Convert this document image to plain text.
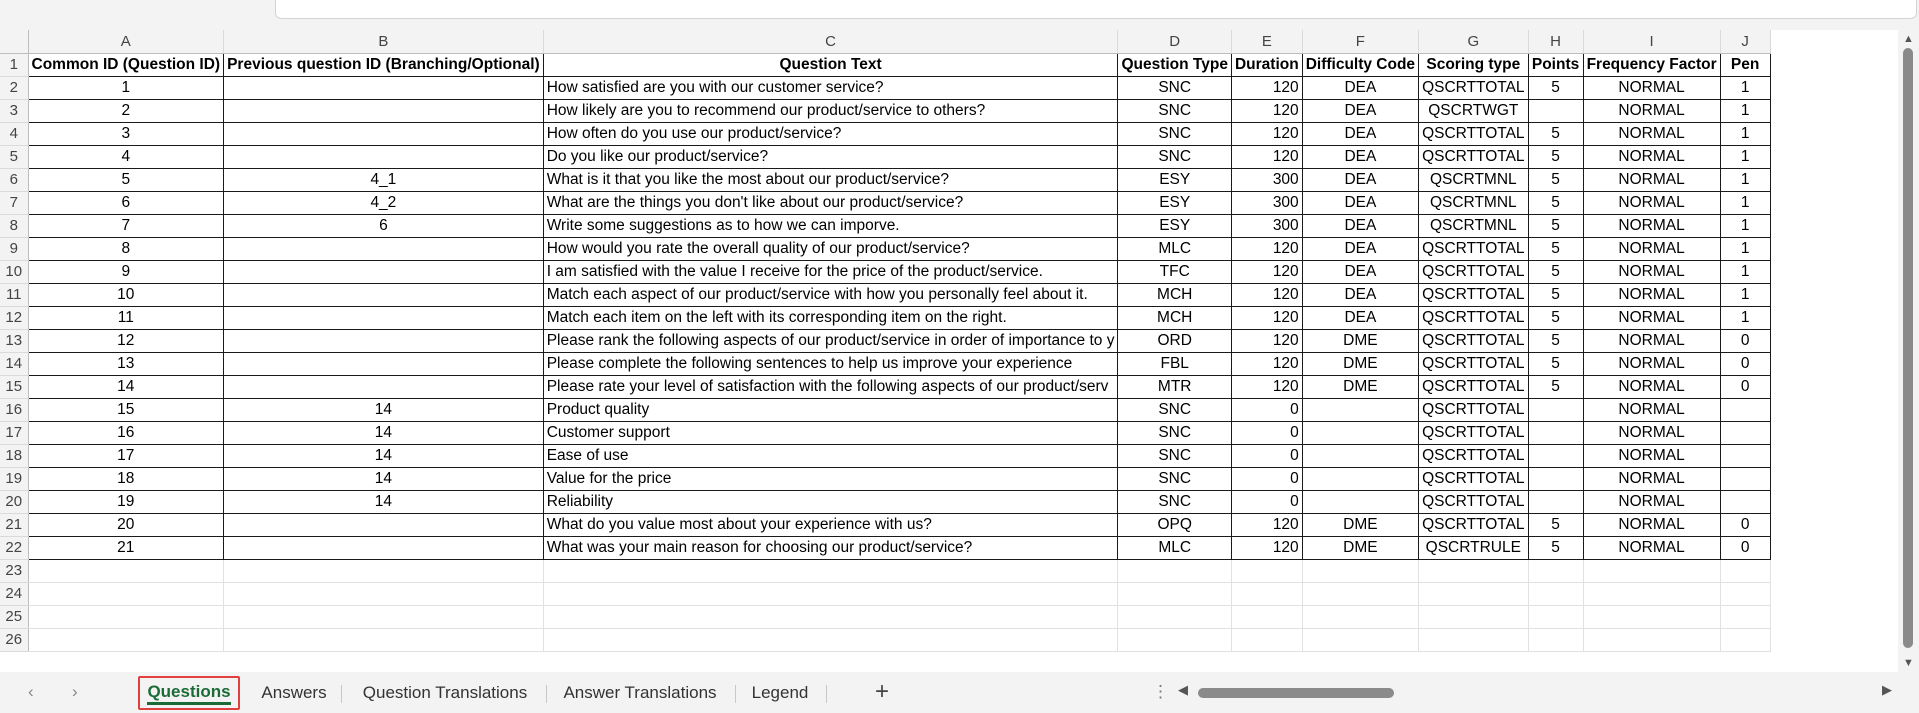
	A	B	C	D	E	F	G	H	I	J
1	Common ID (Question ID)	Previous question ID (Branching/Optional)	Question Text	Question Type	Duration	Difficulty Code	Scoring type	Points	Frequency Factor	Pen
2	1		How satisfied are you with our customer service?	SNC	120	DEA	QSCRTTOTAL	5	NORMAL	1
3	2		How likely are you to recommend our product/service to others?	SNC	120	DEA	QSCRTWGT		NORMAL	1
4	3		How often do you use our product/service?	SNC	120	DEA	QSCRTTOTAL	5	NORMAL	1
5	4		Do you like our product/service?	SNC	120	DEA	QSCRTTOTAL	5	NORMAL	1
6	5	4_1	What is it that you like the most about our product/service?	ESY	300	DEA	QSCRTMNL	5	NORMAL	1
7	6	4_2	What are the things you don't like about our product/service?	ESY	300	DEA	QSCRTMNL	5	NORMAL	1
8	7	6	Write some suggestions as to how we can imporve.	ESY	300	DEA	QSCRTMNL	5	NORMAL	1
9	8		How would you rate the overall quality of our product/service?	MLC	120	DEA	QSCRTTOTAL	5	NORMAL	1
10	9		I am satisfied with the value I receive for the price of the product/service.	TFC	120	DEA	QSCRTTOTAL	5	NORMAL	1
11	10		Match each aspect of our product/service with how you personally feel about it.	MCH	120	DEA	QSCRTTOTAL	5	NORMAL	1
12	11		Match each item on the left with its corresponding item on the right.	MCH	120	DEA	QSCRTTOTAL	5	NORMAL	1
13	12		Please rank the following aspects of our product/service in order of importance to y	ORD	120	DME	QSCRTTOTAL	5	NORMAL	0
14	13		Please complete the following sentences to help us improve your experience	FBL	120	DME	QSCRTTOTAL	5	NORMAL	0
15	14		Please rate your level of satisfaction with the following aspects of our product/serv	MTR	120	DME	QSCRTTOTAL	5	NORMAL	0
16	15	14	Product quality	SNC	0		QSCRTTOTAL		NORMAL	
17	16	14	Customer support	SNC	0		QSCRTTOTAL		NORMAL	
18	17	14	Ease of use	SNC	0		QSCRTTOTAL		NORMAL	
19	18	14	Value for the price	SNC	0		QSCRTTOTAL		NORMAL	
20	19	14	Reliability	SNC	0		QSCRTTOTAL		NORMAL	
21	20		What do you value most about your experience with us?	OPQ	120	DME	QSCRTTOTAL	5	NORMAL	0
22	21		What was your main reason for choosing our product/service?	MLC	120	DME	QSCRTRULE	5	NORMAL	0
23										
24										
25										
26										
▲
▼
‹ ›	Questions	Answers	Question Translations	Answer Translations	Legend	+	⋮ ◀	▶
